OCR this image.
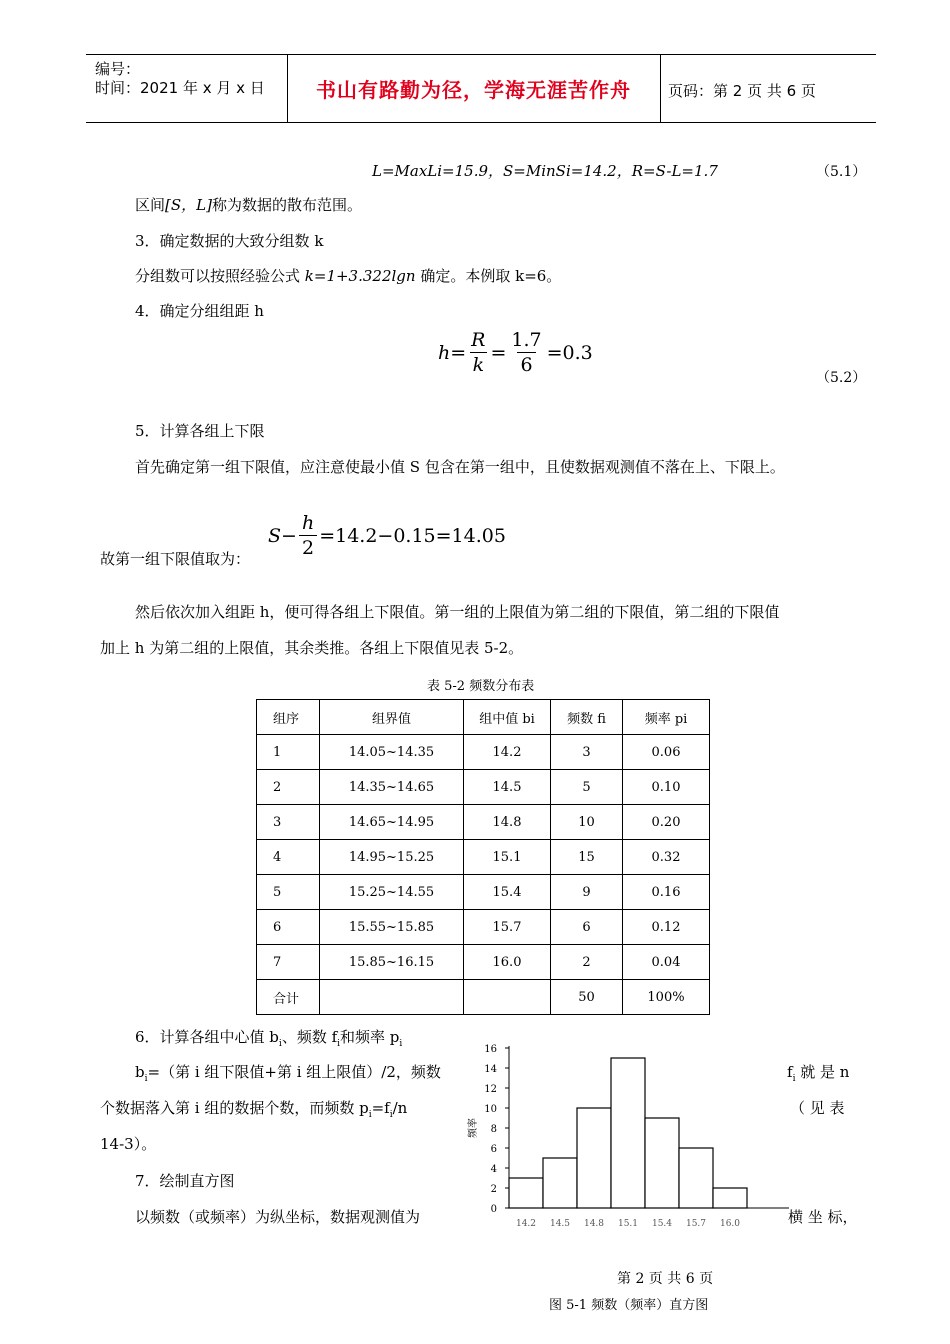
编号：
时间：2021 年 x 月 x 日	书山有路勤为径，学海无涯苦作舟	页码：第 2 页 共 6 页
L=MaxLi=15.9，S=MinSi=14.2，R=S-L=1.7	（5.1）
区间[S，L]称为数据的散布范围。
3．确定数据的大致分组数 k
分组数可以按照经验公式 k=1+3.322lgn 确定。本例取 k=6。
4．确定分组组距 h
$h = \frac{R}{k} = \frac{1.7}{6} =0.3$
（5.2）
5．计算各组上下限
首先确定第一组下限值，应注意使最小值 S 包含在第一组中，且使数据观测值不落在上、下限上。
故第一组下限值取为：
$S- \frac{h}{2} =14.2-0.15=14.05$
然后依次加入组距 h，便可得各组上下限值。第一组的上限值为第二组的下限值，第二组的下限值
加上 h 为第二组的上限值，其余类推。各组上下限值见表 5-2。
表 5-2 频数分布表
组序	组界值	组中值 bi	频数 fi	频率 pi
1	14.05~14.35	14.2	3	0.06
2	14.35~14.65	14.5	5	0.10
3	14.65~14.95	14.8	10	0.20
4	14.95~15.25	15.1	15	0.32
5	15.25~14.55	15.4	9	0.16
6	15.55~15.85	15.7	6	0.12
7	15.85~16.15	16.0	2	0.04
合计			50	100%
6．计算各组中心值 $b_i$、频数 $f_i$和频率 $p_i$
$b_i=$（第 i 组下限值+第 i 组上限值）/2，频数	$f_i$ 就 是 n
个数据落入第 i 组的数据个数，而频数 $p_i=f_i/n$	（ 见 表
14-3）。
7．绘制直方图
以频数（或频率）为纵坐标，数据观测值为	横 坐 标，
0
2
4
6
8
10
12
14
16
14.2 14.5 14.8 15.1 15.4 15.7 16.0
频率
第 2 页 共 6 页
图 5-1 频数（频率）直方图
